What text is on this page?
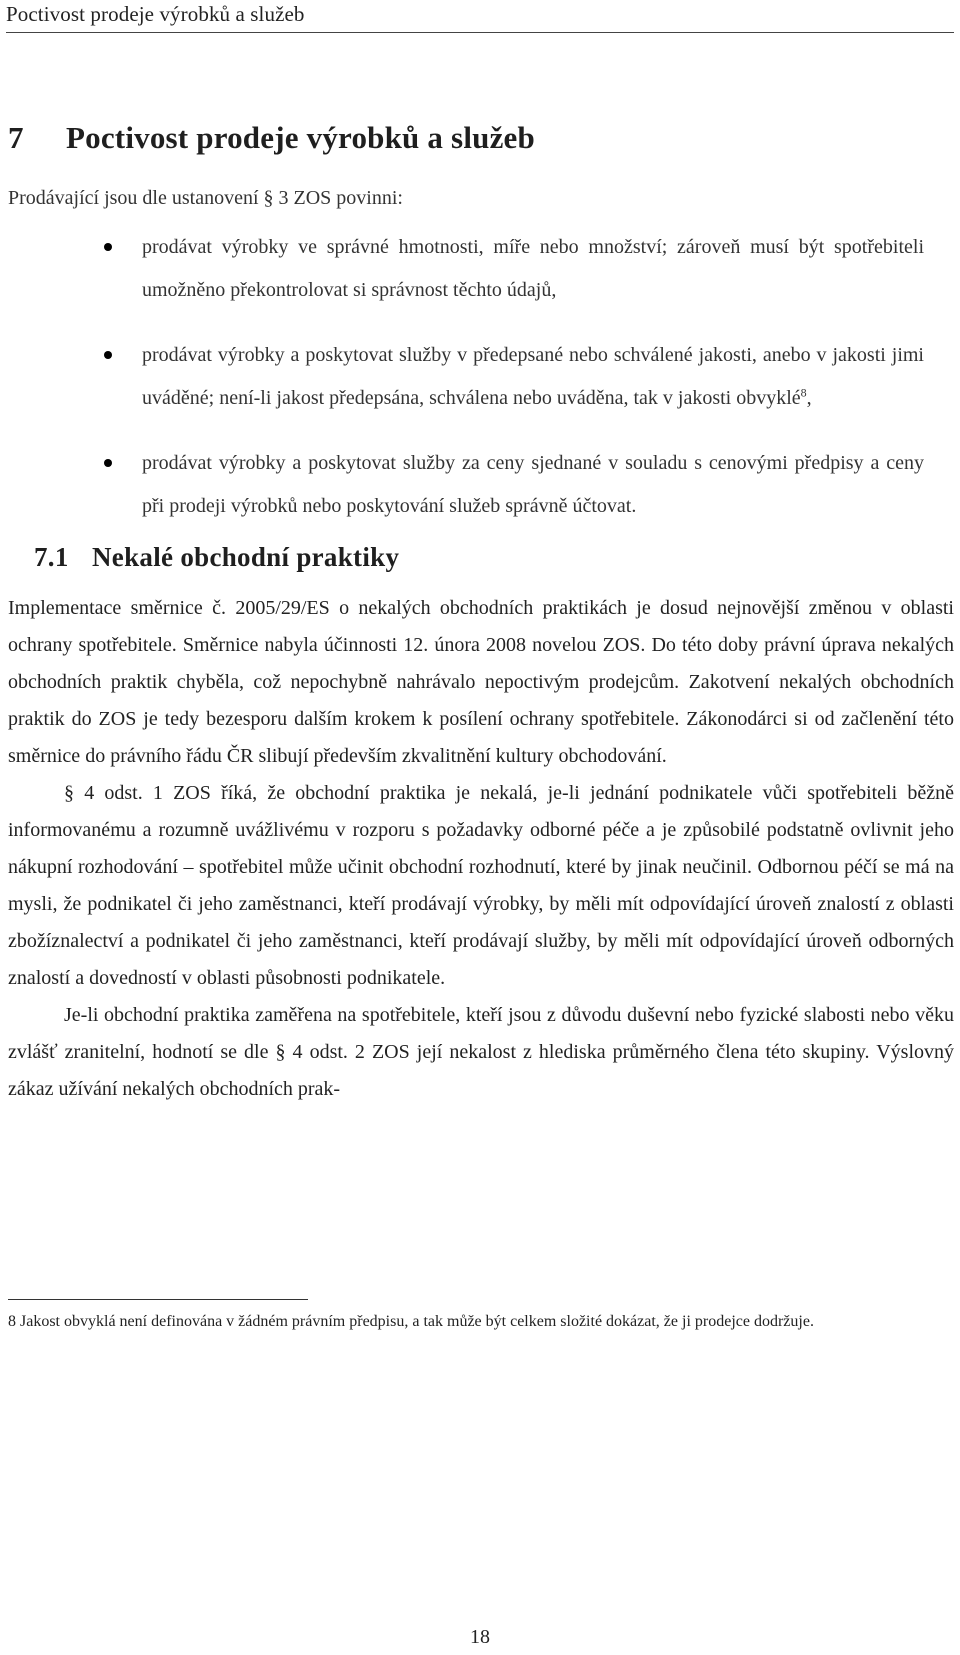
Poctivost prodeje výrobků a služeb
7 Poctivost prodeje výrobků a služeb
Prodávající jsou dle ustanovení § 3 ZOS povinni:
prodávat výrobky ve správné hmotnosti, míře nebo množství; zároveň musí být spotřebiteli umožněno překontrolovat si správnost těchto údajů,
prodávat výrobky a poskytovat služby v předepsané nebo schválené jakosti, anebo v jakosti jimi uváděné; není-li jakost předepsána, schválena nebo uváděna, tak v jakosti obvyklé$^8$,
prodávat výrobky a poskytovat služby za ceny sjednané v souladu s cenovými předpisy a ceny při prodeji výrobků nebo poskytování služeb správně účtovat.
7.1 Nekalé obchodní praktiky

Implementace směrnice č. 2005/29/ES o nekalých obchodních praktikách je dosud nejnovější změnou v oblasti ochrany spotřebitele. Směrnice nabyla účinnosti 12. února 2008 novelou ZOS. Do této doby právní úprava nekalých obchodních praktik chyběla, což nepochybně nahrávalo nepoctivým prodejcům. Zakotvení nekalých obchodních praktik do ZOS je tedy bezesporu dalším krokem k posílení ochrany spotřebitele. Zákonodárci si od začlenění této směrnice do právního řádu ČR slibují především zkvalitnění kultury obchodování.

§ 4 odst. 1 ZOS říká, že obchodní praktika je nekalá, je-li jednání podnikatele vůči spotřebiteli běžně informovanému a rozumně uvážlivému v rozporu s požadavky odborné péče a je způsobilé podstatně ovlivnit jeho nákupní rozhodování – spotřebitel může učinit obchodní rozhodnutí, které by jinak neučinil. Odbornou péčí se má na mysli, že podnikatel či jeho zaměstnanci, kteří prodávají výrobky, by měli mít odpovídající úroveň znalostí z oblasti zbožíznalectví a podnikatel či jeho zaměstnanci, kteří prodávají služby, by měli mít odpovídající úroveň odborných znalostí a dovedností v oblasti působnosti podnikatele.

Je-li obchodní praktika zaměřena na spotřebitele, kteří jsou z důvodu duševní nebo fyzické slabosti nebo věku zvlášť zranitelní, hodnotí se dle § 4 odst. 2 ZOS její nekalost z hlediska průměrného člena této skupiny. Výslovný zákaz užívání nekalých obchodních prak-

8 Jakost obvyklá není definována v žádném právním předpisu, a tak může být celkem složité dokázat, že ji prodejce dodržuje.
18
